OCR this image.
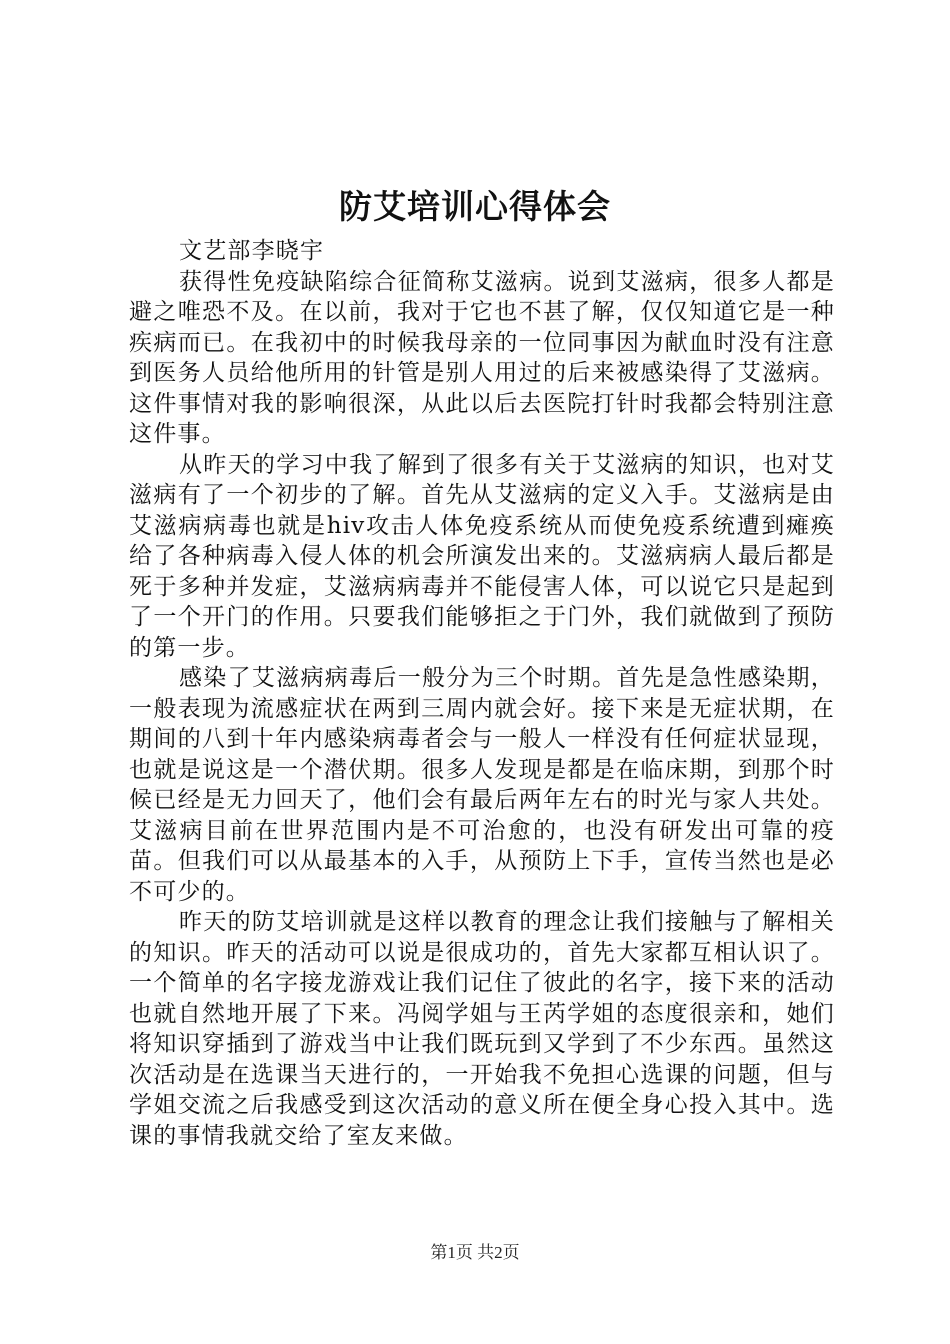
防艾培训心得体会

文艺部李晓宇

获得性免疫缺陷综合征简称艾滋病。说到艾滋病，很多人都是避之唯恐不及。在以前，我对于它也不甚了解，仅仅知道它是一种疾病而已。在我初中的时候我母亲的一位同事因为献血时没有注意到医务人员给他所用的针管是别人用过的后来被感染得了艾滋病。这件事情对我的影响很深，从此以后去医院打针时我都会特别注意这件事。

从昨天的学习中我了解到了很多有关于艾滋病的知识，也对艾滋病有了一个初步的了解。首先从艾滋病的定义入手。艾滋病是由艾滋病病毒也就是hiv攻击人体免疫系统从而使免疫系统遭到瘫痪给了各种病毒入侵人体的机会所演发出来的。艾滋病病人最后都是死于多种并发症，艾滋病病毒并不能侵害人体，可以说它只是起到了一个开门的作用。只要我们能够拒之于门外，我们就做到了预防的第一步。

感染了艾滋病病毒后一般分为三个时期。首先是急性感染期，一般表现为流感症状在两到三周内就会好。接下来是无症状期，在期间的八到十年内感染病毒者会与一般人一样没有任何症状显现，也就是说这是一个潜伏期。很多人发现是都是在临床期，到那个时候已经是无力回天了，他们会有最后两年左右的时光与家人共处。艾滋病目前在世界范围内是不可治愈的，也没有研发出可靠的疫苗。但我们可以从最基本的入手，从预防上下手，宣传当然也是必不可少的。

昨天的防艾培训就是这样以教育的理念让我们接触与了解相关的知识。昨天的活动可以说是很成功的，首先大家都互相认识了。一个简单的名字接龙游戏让我们记住了彼此的名字，接下来的活动也就自然地开展了下来。冯阅学姐与王芮学姐的态度很亲和，她们将知识穿插到了游戏当中让我们既玩到又学到了不少东西。虽然这次活动是在选课当天进行的，一开始我不免担心选课的问题，但与学姐交流之后我感受到这次活动的意义所在便全身心投入其中。选课的事情我就交给了室友来做。

第1页 共2页
